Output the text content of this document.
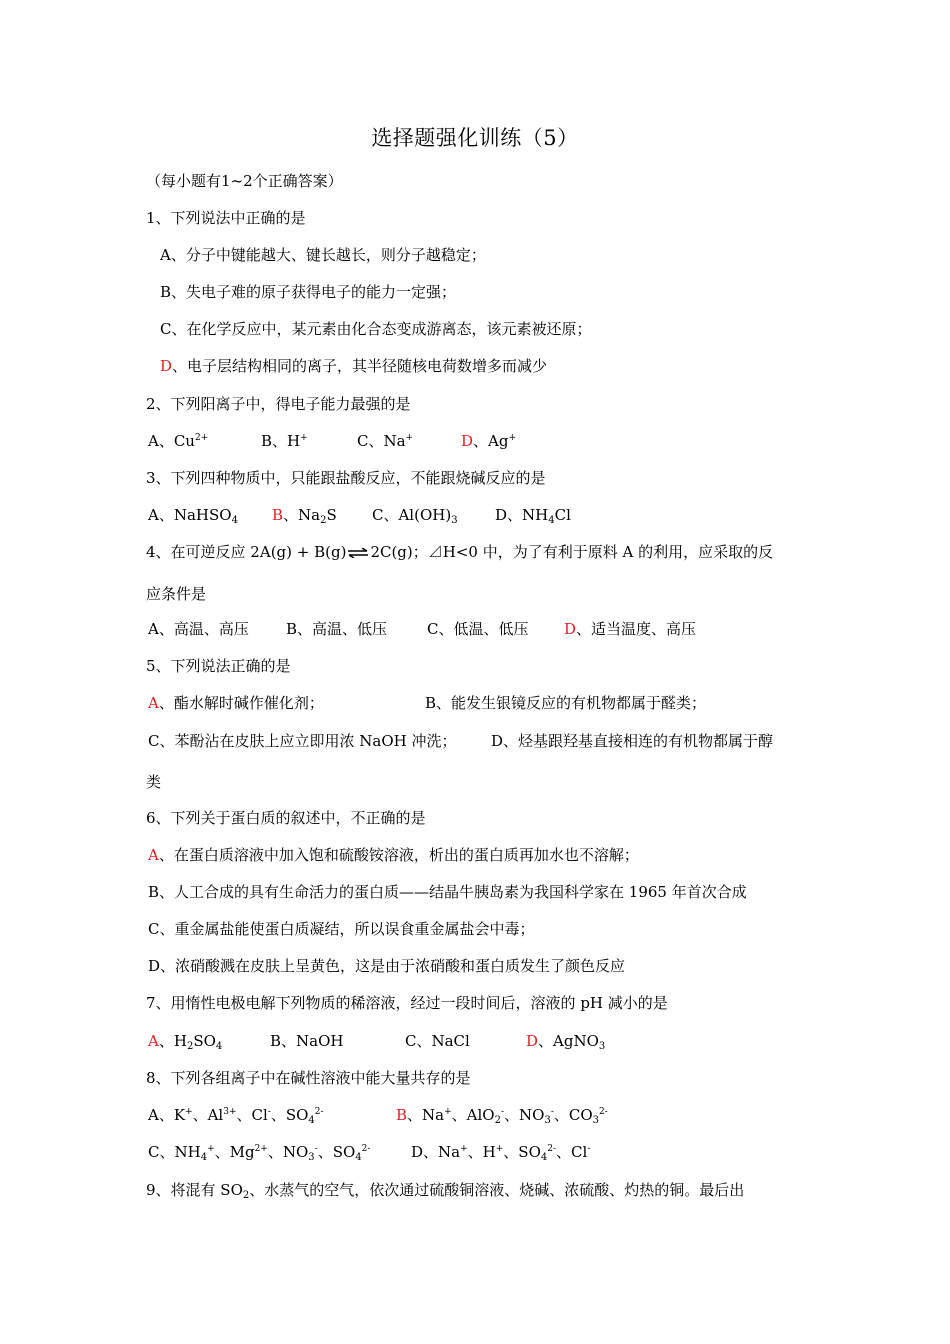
选择题强化训练（5）
（每小题有1~2个正确答案）
1、下列说法中正确的是
A、分子中键能越大、键长越长，则分子越稳定；
B、失电子难的原子获得电子的能力一定强；
C、在化学反应中，某元素由化合态变成游离态，该元素被还原；
D、电子层结构相同的离子，其半径随核电荷数增多而减少
2、下列阳离子中，得电子能力最强的是
A、$Cu^{2+}$	B、H+	C、Na+	D、Ag+
3、下列四种物质中，只能跟盐酸反应，不能跟烧碱反应的是
A、NaHSO$_4$ B、$Na_2S$ C、$Al(OH)_3$ D、$NH_4Cl$
4、在可逆反应 2A(g) + B(g)⇌2C(g)；⊿H<0 中，为了有利于原料 A 的利用，应采取的反
应条件是
A、高温、高压 B、高温、低压	C、低温、低压 D、适当温度、高压
5、下列说法正确的是
A、酯水解时碱作催化剂；	B、能发生银镜反应的有机物都属于醛类；
C、苯酚沾在皮肤上应立即用浓 NaOH 冲洗； D、烃基跟羟基直接相连的有机物都属于醇
类
6、下列关于蛋白质的叙述中，不正确的是
A、在蛋白质溶液中加入饱和硫酸铵溶液，析出的蛋白质再加水也不溶解；
B、人工合成的具有生命活力的蛋白质——结晶牛胰岛素为我国科学家在 1965 年首次合成
C、重金属盐能使蛋白质凝结，所以误食重金属盐会中毒；
D、浓硝酸溅在皮肤上呈黄色，这是由于浓硝酸和蛋白质发生了颜色反应
7、用惰性电极电解下列物质的稀溶液，经过一段时间后，溶液的 pH 减小的是
A、$H_2SO_4$	B、NaOH	C、NaCl	D、AgNO$_3$
8、下列各组离子中在碱性溶液中能大量共存的是
A、K+、$Al^{3+}$、Cl-、$SO_4^{2-}$	B、Na+、AlO$_2$-、$NO_3^-$、$CO_3^{2-}$
C、$NH_4^+$、$Mg^{2+}$、$NO_3^-$、$SO_4^{2-}$	D、Na+、H+、$SO_4^{2-}$、Cl-
9、将混有 $SO_2$、水蒸气的空气，依次通过硫酸铜溶液、烧碱、浓硫酸、灼热的铜。最后出
